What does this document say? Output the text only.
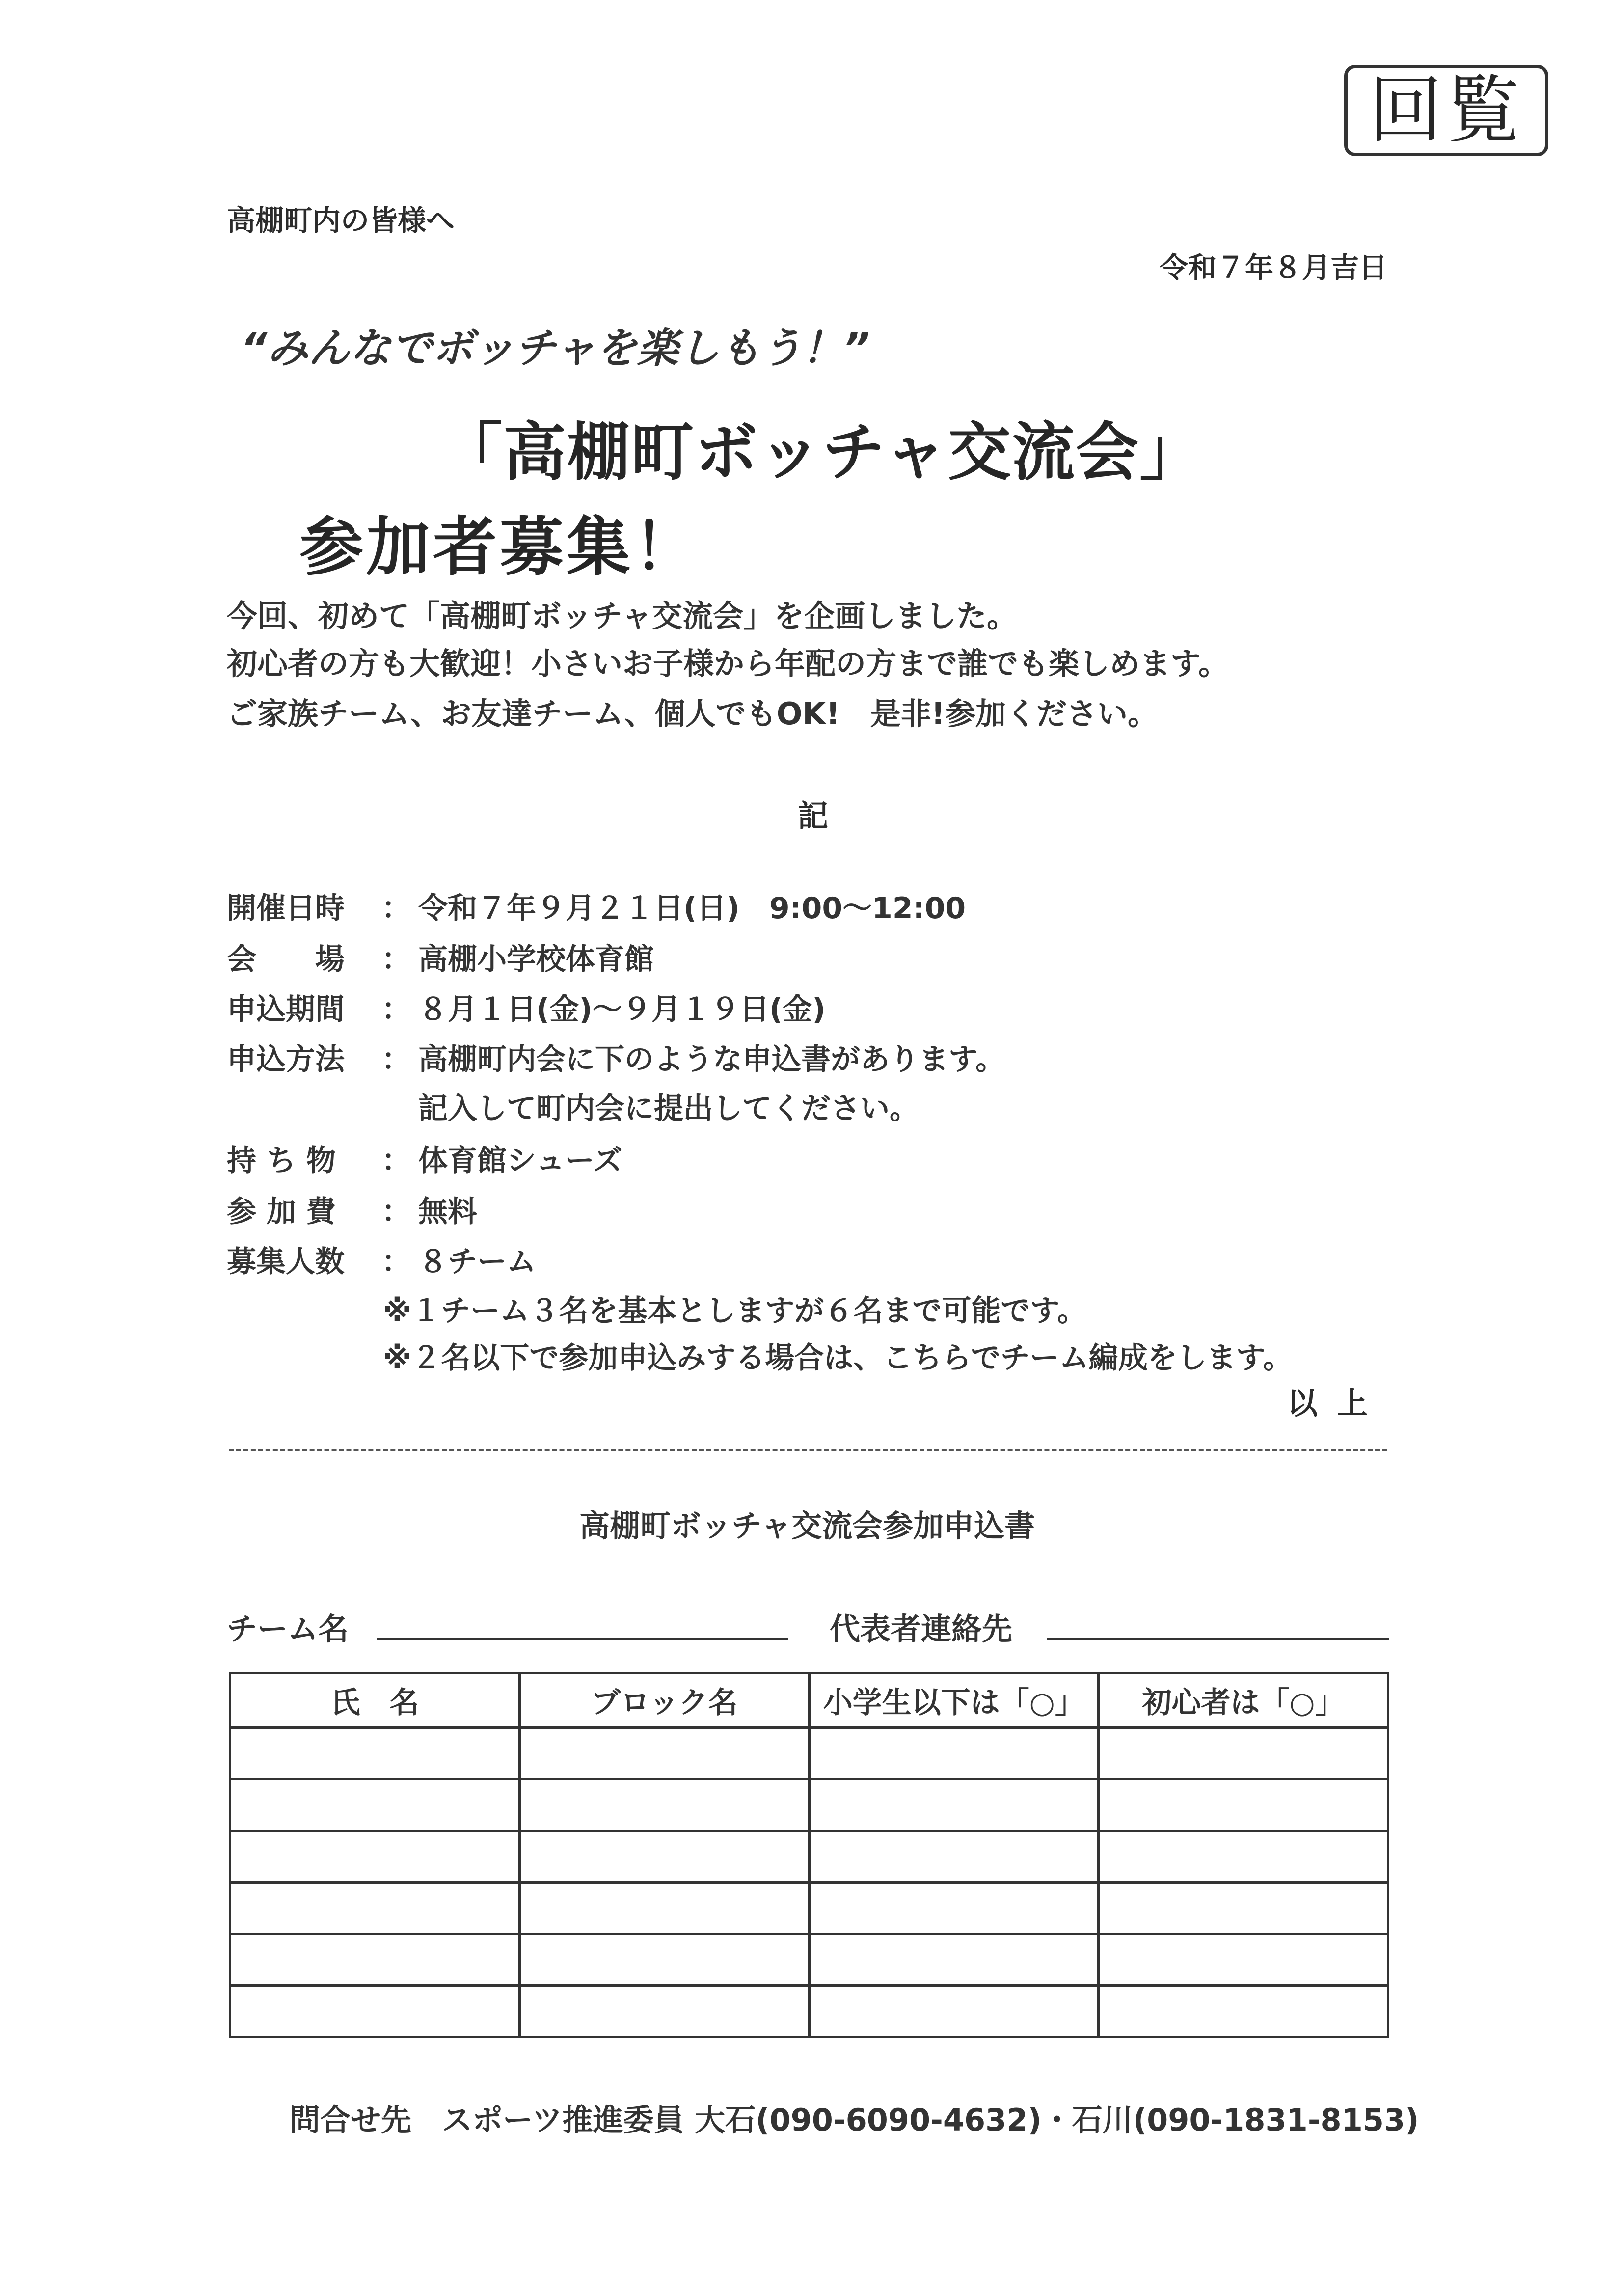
回覧
高棚町内の皆様へ
令和７年８月吉日
“みんなでボッチャを楽しもう！”
「高棚町ボッチャ交流会」
参加者募集！
今回、初めて「高棚町ボッチャ交流会」を企画しました。
初心者の方も大歓迎！小さいお子様から年配の方まで誰でも楽しめます。
ご家族チーム、お友達チーム、個人でもOK!　是非!参加ください。
記
開催日時 ： 令和７年９月２１日(日)　9:00～12:00
会　　場 ： 高棚小学校体育館
申込期間 ： ８月１日(金)～９月１９日(金)
申込方法 ： 高棚町内会に下のような申込書があります。
記入して町内会に提出してください。
持 ち 物 ： 体育館シューズ
参 加 費 ： 無料
募集人数 ： ８チーム
※１チーム３名を基本としますが６名まで可能です。
※２名以下で参加申込みする場合は、こちらでチーム編成をします。
以上
高棚町ボッチャ交流会参加申込書
チーム名	代表者連絡先
氏　名	ブロック名	小学生以下は「○」	初心者は「○」

問合せ先　スポーツ推進委員 大石(090-6090-4632)・石川(090-1831-8153)
